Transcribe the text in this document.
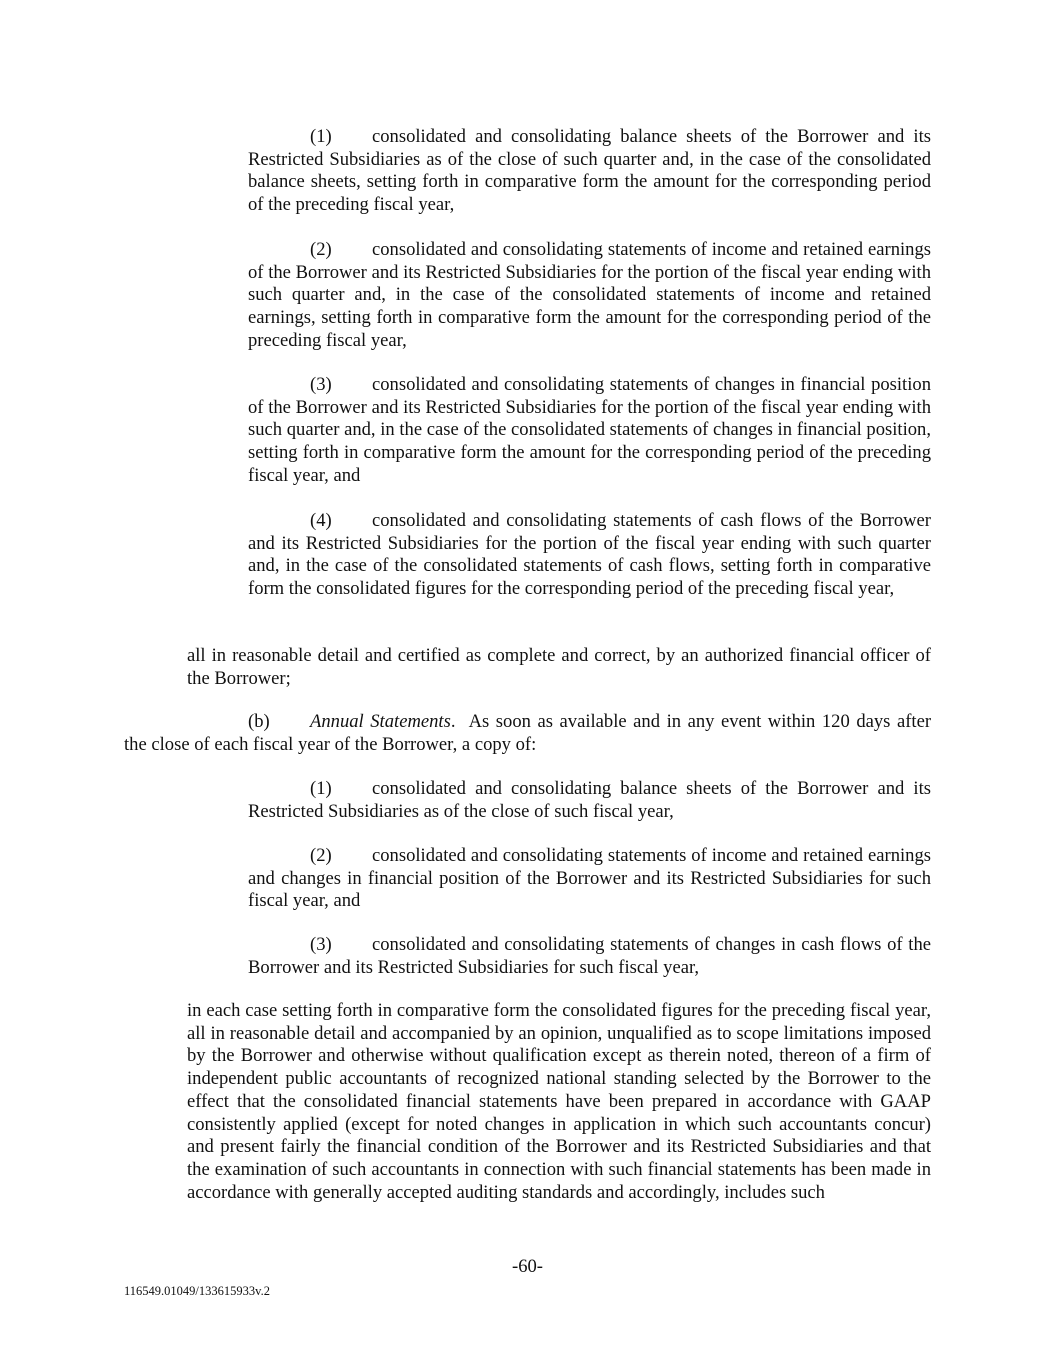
(1) consolidated and consolidating balance sheets of the Borrower and its Restricted Subsidiaries as of the close of such quarter and, in the case of the consolidated balance sheets, setting forth in comparative form the amount for the corresponding period of the preceding fiscal year,

(2) consolidated and consolidating statements of income and retained earnings of the Borrower and its Restricted Subsidiaries for the portion of the fiscal year ending with such quarter and, in the case of the consolidated statements of income and retained earnings, setting forth in comparative form the amount for the corresponding period of the preceding fiscal year,

(3) consolidated and consolidating statements of changes in financial position of the Borrower and its Restricted Subsidiaries for the portion of the fiscal year ending with such quarter and, in the case of the consolidated statements of changes in financial position, setting forth in comparative form the amount for the corresponding period of the preceding fiscal year, and

(4) consolidated and consolidating statements of cash flows of the Borrower and its Restricted Subsidiaries for the portion of the fiscal year ending with such quarter and, in the case of the consolidated statements of cash flows, setting forth in comparative form the consolidated figures for the corresponding period of the preceding fiscal year,

all in reasonable detail and certified as complete and correct, by an authorized financial officer of the Borrower;

(b) Annual Statements. As soon as available and in any event within 120 days after the close of each fiscal year of the Borrower, a copy of:

(1) consolidated and consolidating balance sheets of the Borrower and its Restricted Subsidiaries as of the close of such fiscal year,

(2) consolidated and consolidating statements of income and retained earnings and changes in financial position of the Borrower and its Restricted Subsidiaries for such fiscal year, and

(3) consolidated and consolidating statements of changes in cash flows of the Borrower and its Restricted Subsidiaries for such fiscal year,

in each case setting forth in comparative form the consolidated figures for the preceding fiscal year, all in reasonable detail and accompanied by an opinion, unqualified as to scope limitations imposed by the Borrower and otherwise without qualification except as therein noted, thereon of a firm of independent public accountants of recognized national standing selected by the Borrower to the effect that the consolidated financial statements have been prepared in accordance with GAAP consistently applied (except for noted changes in application in which such accountants concur) and present fairly the financial condition of the Borrower and its Restricted Subsidiaries and that the examination of such accountants in connection with such financial statements has been made in accordance with generally accepted auditing standards and accordingly, includes such

-60-
116549.01049/133615933v.2
